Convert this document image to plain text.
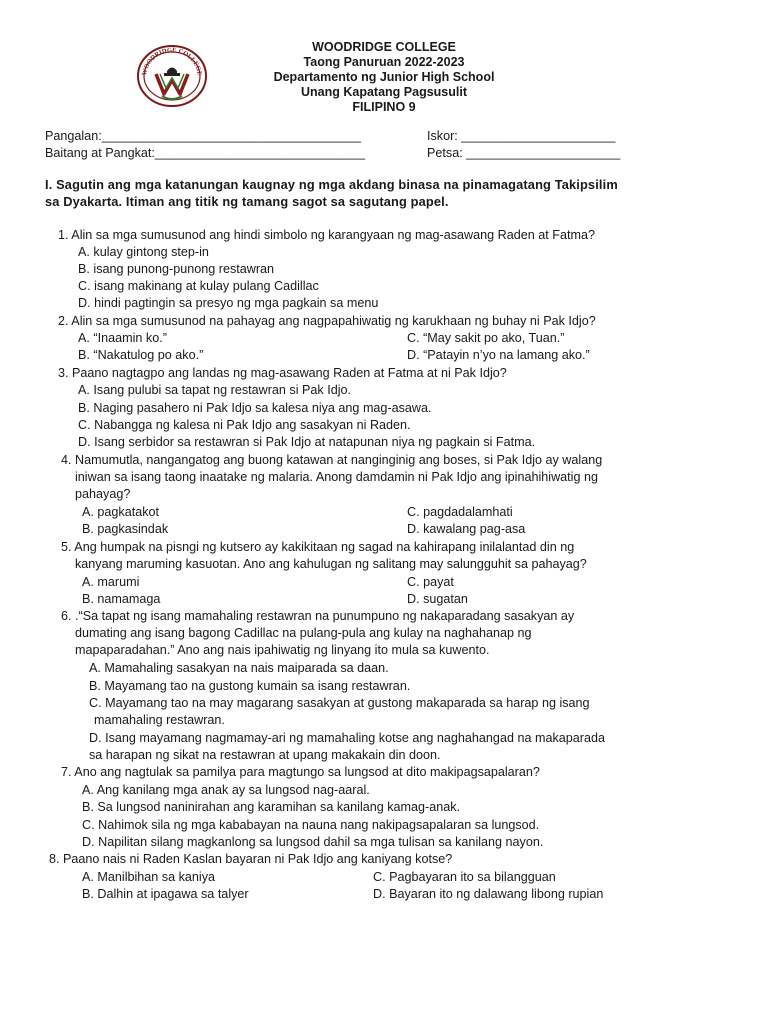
WOODRIDGE COLLEGE
WOODRIDGE COLLEGE
Taong Panuruan 2022-2023
Departamento ng Junior High School
Unang Kapatang Pagsusulit
FILIPINO 9
Pangalan:_____________________________________	Iskor: ______________________
Baitang at Pangkat:______________________________	Petsa: ______________________
I. Sagutin ang mga katanungan kaugnay ng mga akdang binasa na pinamagatang Takipsilim
sa Dyakarta. Itiman ang titik ng tamang sagot sa sagutang papel.
1. Alin sa mga sumusunod ang hindi simbolo ng karangyaan ng mag-asawang Raden at Fatma?
A. kulay gintong step-in
B. isang punong-punong restawran
C. isang makinang at kulay pulang Cadillac
D. hindi pagtingin sa presyo ng mga pagkain sa menu
2. Alin sa mga sumusunod na pahayag ang nagpapahiwatig ng karukhaan ng buhay ni Pak Idjo?
A. “Inaamin ko.”	C. “May sakit po ako, Tuan.”
B. “Nakatulog po ako.”	D. “Patayin n’yo na lamang ako.”
3. Paano nagtagpo ang landas ng mag-asawang Raden at Fatma at ni Pak Idjo?
A. Isang pulubi sa tapat ng restawran si Pak Idjo.
B. Naging pasahero ni Pak Idjo sa kalesa niya ang mag-asawa.
C. Nabangga ng kalesa ni Pak Idjo ang sasakyan ni Raden.
D. Isang serbidor sa restawran si Pak Idjo at natapunan niya ng pagkain si Fatma.
4. Namumutla, nangangatog ang buong katawan at nanginginig ang boses, si Pak Idjo ay walang
iniwan sa isang taong inaatake ng malaria. Anong damdamin ni Pak Idjo ang ipinahihiwatig ng
pahayag?
A. pagkatakot	C. pagdadalamhati
B. pagkasindak	D. kawalang pag-asa
5. Ang humpak na pisngi ng kutsero ay kakikitaan ng sagad na kahirapang inilalantad din ng
kanyang maruming kasuotan. Ano ang kahulugan ng salitang may salungguhit sa pahayag?
A. marumi	C. payat
B. namamaga	D. sugatan
6. .“Sa tapat ng isang mamahaling restawran na punumpuno ng nakaparadang sasakyan ay
dumating ang isang bagong Cadillac na pulang-pula ang kulay na naghahanap ng
mapaparadahan.” Ano ang nais ipahiwatig ng linyang ito mula sa kuwento.
A. Mamahaling sasakyan na nais maiparada sa daan.
B. Mayamang tao na gustong kumain sa isang restawran.
C. Mayamang tao na may magarang sasakyan at gustong makaparada sa harap ng isang
mamahaling restawran.
D. Isang mayamang nagmamay-ari ng mamahaling kotse ang naghahangad na makaparada
sa harapan ng sikat na restawran at upang makakain din doon.
7. Ano ang nagtulak sa pamilya para magtungo sa lungsod at dito makipagsapalaran?
A. Ang kanilang mga anak ay sa lungsod nag-aaral.
B. Sa lungsod naninirahan ang karamihan sa kanilang kamag-anak.
C. Nahimok sila ng mga kababayan na nauna nang nakipagsapalaran sa lungsod.
D. Napilitan silang magkanlong sa lungsod dahil sa mga tulisan sa kanilang nayon.
8. Paano nais ni Raden Kaslan bayaran ni Pak Idjo ang kaniyang kotse?
A. Manilbihan sa kaniya	C. Pagbayaran ito sa bilangguan
B. Dalhin at ipagawa sa talyer	D. Bayaran ito ng dalawang libong rupian
